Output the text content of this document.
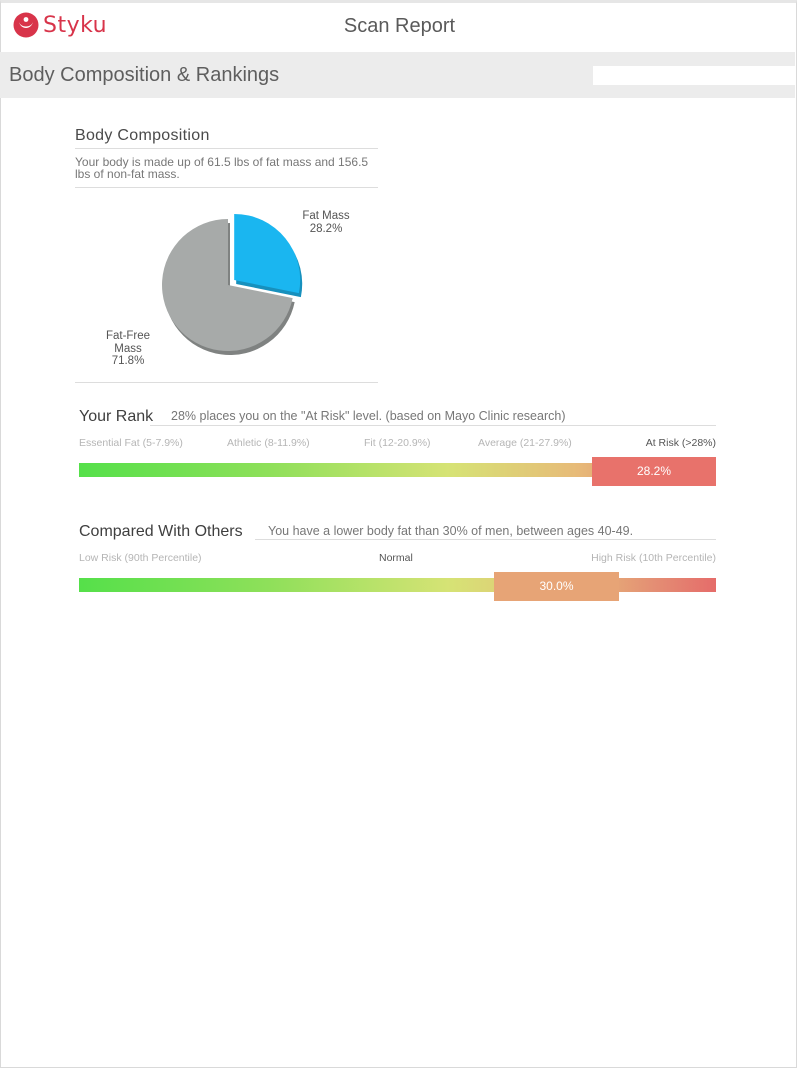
Styku	Scan Report
Body Composition & Rankings
Body Composition
Your body is made up of 61.5 lbs of fat mass and 156.5 lbs of non-fat mass.
Fat Mass
28.2%
Fat-Free
Mass
71.8%
Your Rank 28% places you on the "At Risk" level. (based on Mayo Clinic research)
Essential Fat (5-7.9%)	Athletic (8-11.9%)	Fit (12-20.9%)	Average (21-27.9%)	At Risk (>28%)
28.2%
Compared With Others You have a lower body fat than 30% of men, between ages 40-49.
Low Risk (90th Percentile)	Normal	High Risk (10th Percentile)
30.0%
